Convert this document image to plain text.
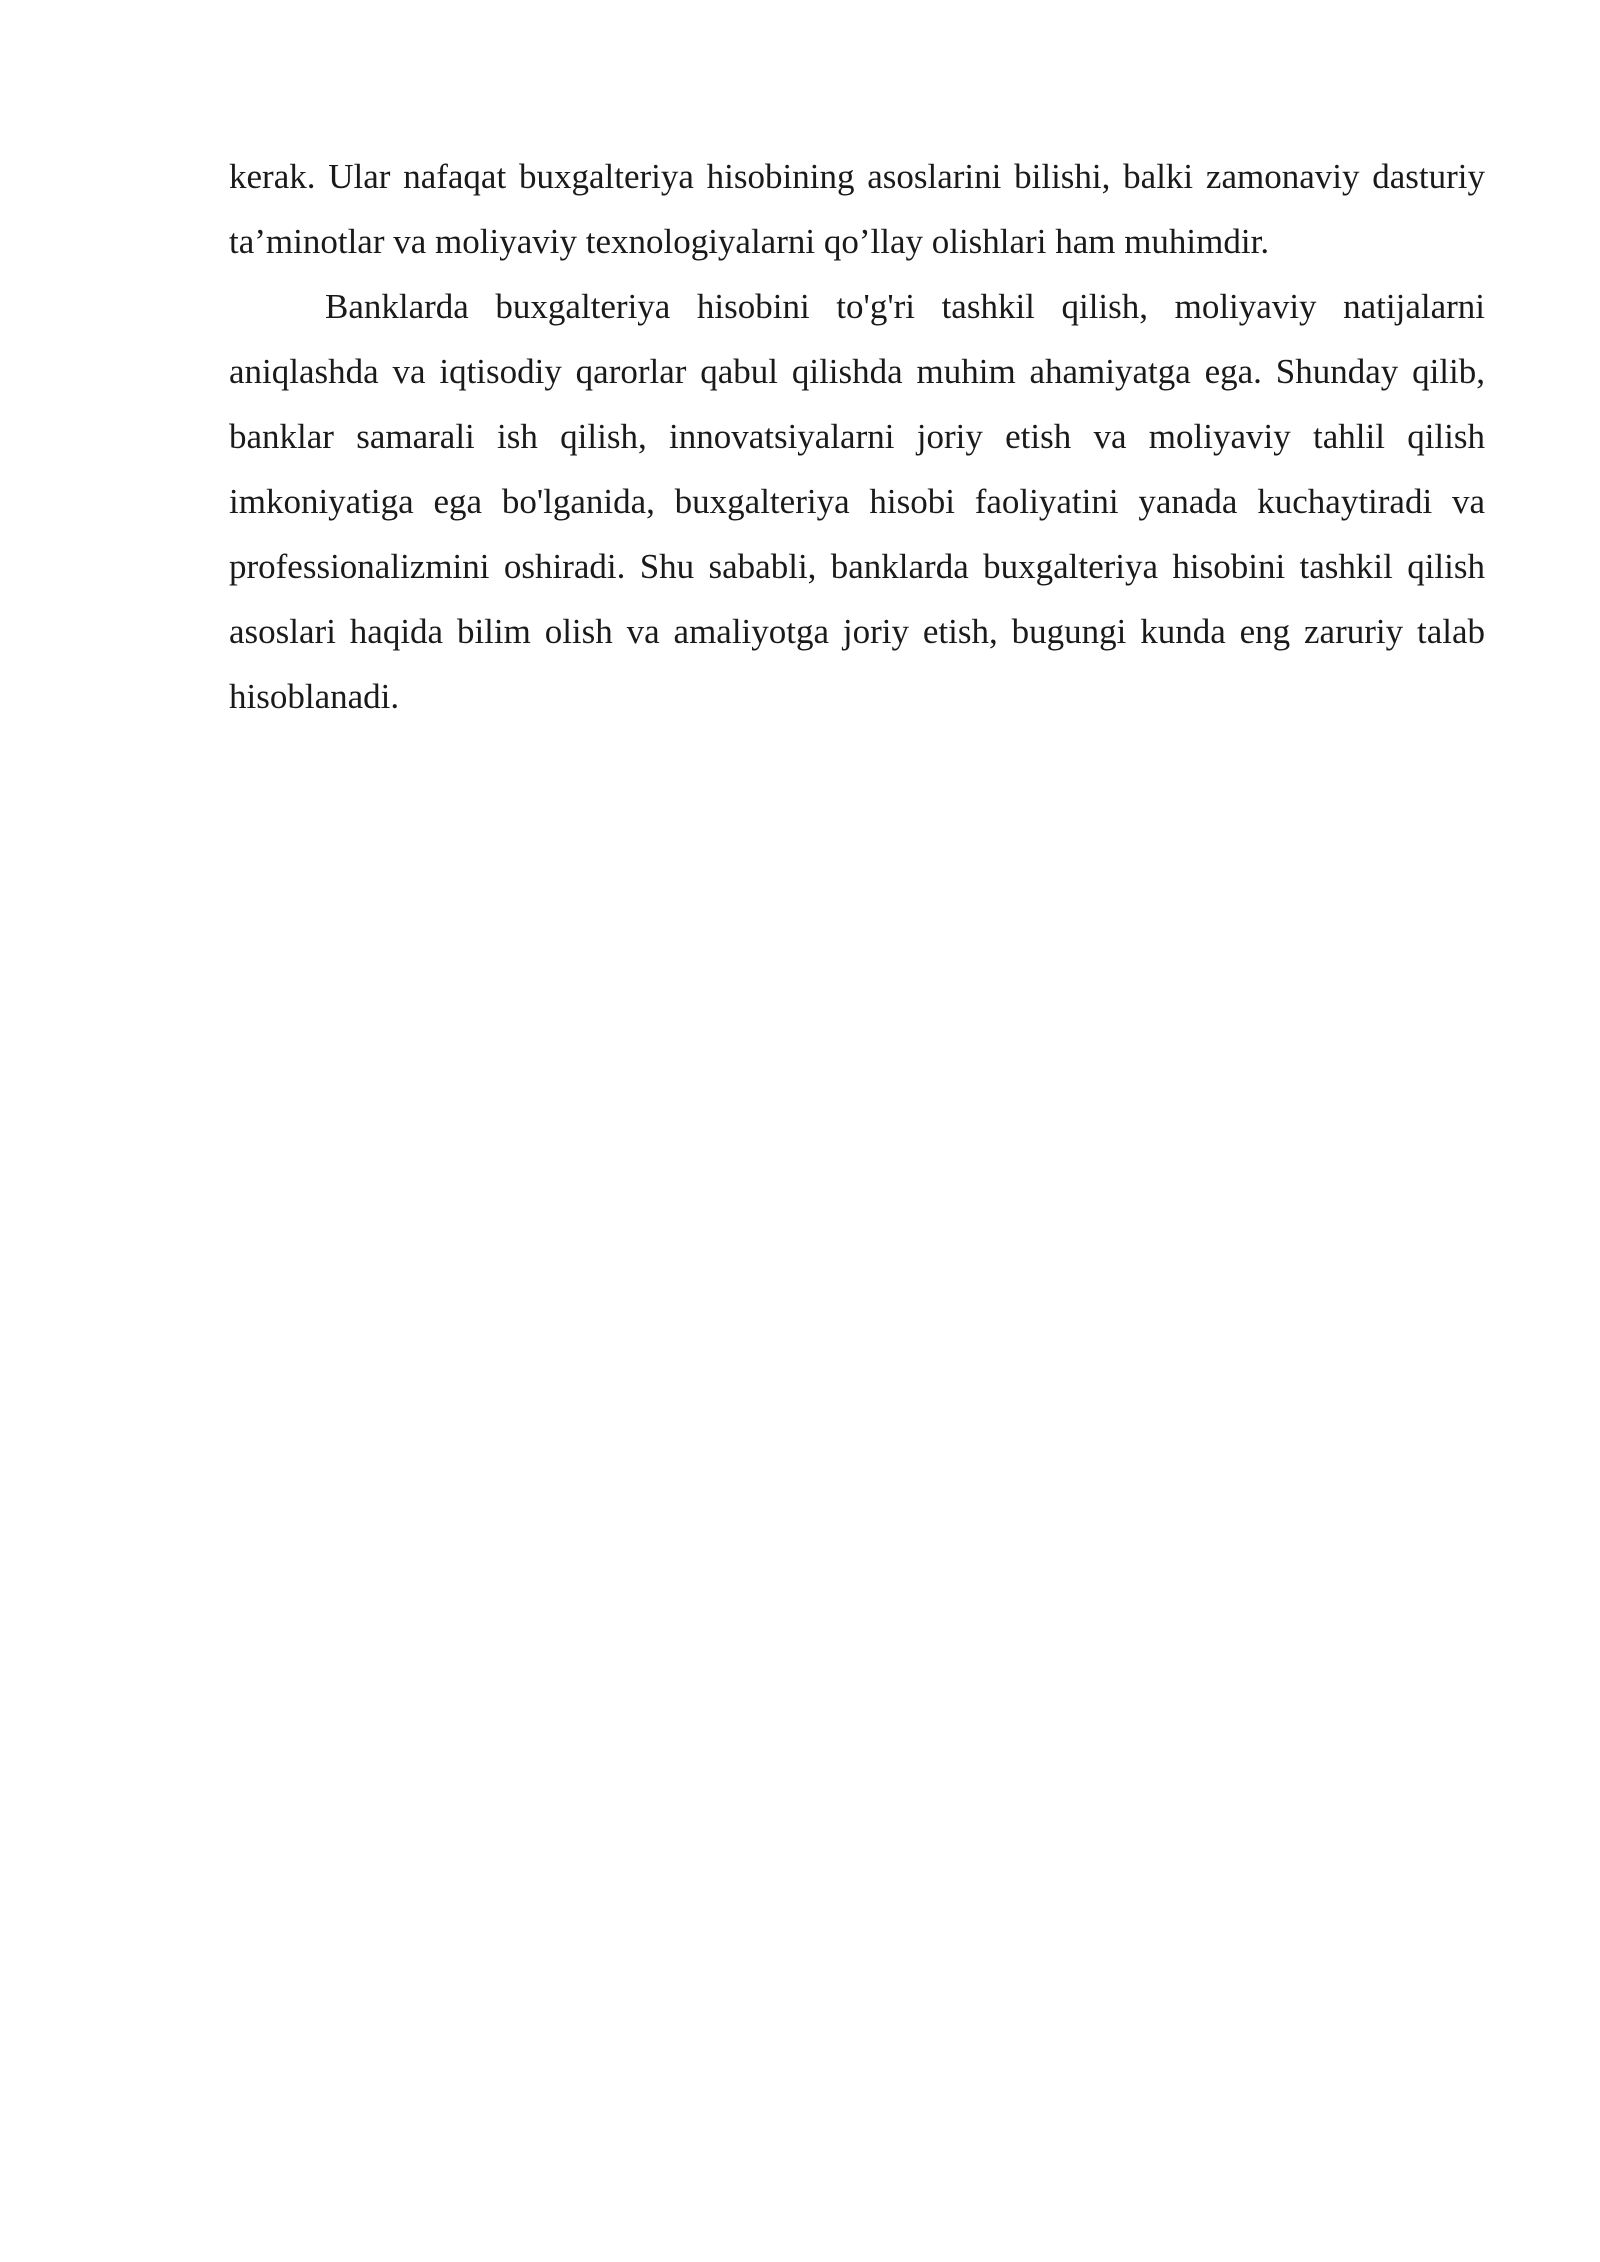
kerak. Ular nafaqat buxgalteriya hisobining asoslarini bilishi, balki zamonaviy dasturiy ta’minotlar va moliyaviy texnologiyalarni qo’llay olishlari ham muhimdir.

Banklarda buxgalteriya hisobini to'g'ri tashkil qilish, moliyaviy natijalarni aniqlashda va iqtisodiy qarorlar qabul qilishda muhim ahamiyatga ega. Shunday qilib, banklar samarali ish qilish, innovatsiyalarni joriy etish va moliyaviy tahlil qilish imkoniyatiga ega bo'lganida, buxgalteriya hisobi faoliyatini yanada kuchaytiradi va professionalizmini oshiradi. Shu sababli, banklarda buxgalteriya hisobini tashkil qilish asoslari haqida bilim olish va amaliyotga joriy etish, bugungi kunda eng zaruriy talab hisoblanadi.
